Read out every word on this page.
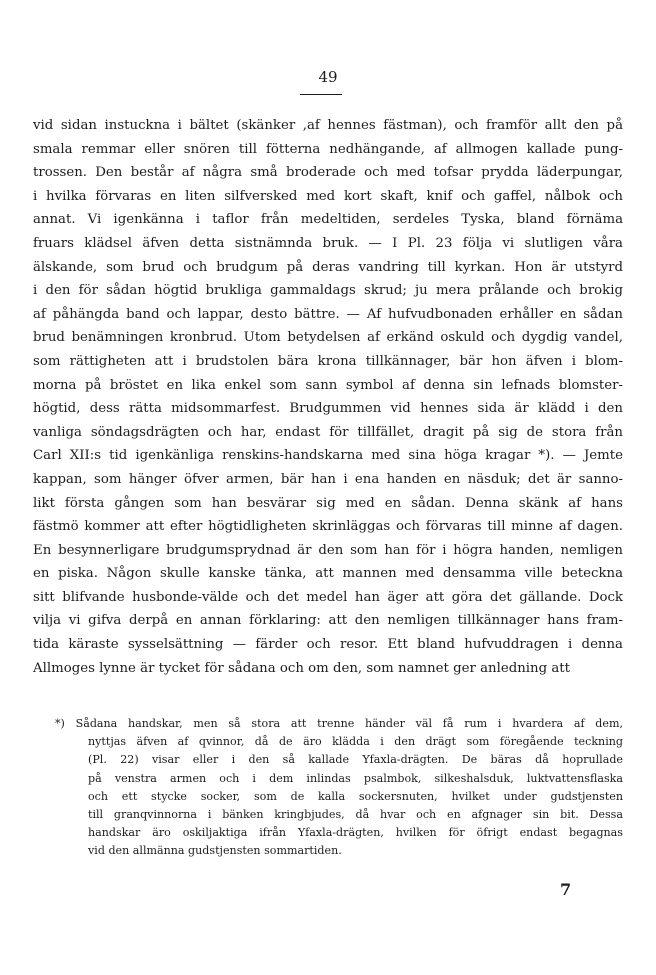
49
vid sidan instuckna i bältet (skänker ,af hennes fästman), och framför allt den på
smala remmar eller snören till fötterna nedhängande, af allmogen kallade pung-
trossen. Den består af några små broderade och med tofsar prydda läderpungar,
i hvilka förvaras en liten silfversked med kort skaft, knif och gaffel, nålbok och
annat. Vi igenkänna i taflor från medeltiden, serdeles Tyska, bland förnäma
fruars klädsel äfven detta sistnämnda bruk. — I Pl. 23 följa vi slutligen våra
älskande, som brud och brudgum på deras vandring till kyrkan. Hon är utstyrd
i den för sådan högtid brukliga gammaldags skrud; ju mera prålande och brokig
af påhängda band och lappar, desto bättre. — Af hufvudbonaden erhåller en sådan
brud benämningen kronbrud. Utom betydelsen af erkänd oskuld och dygdig vandel,
som rättigheten att i brudstolen bära krona tillkännager, bär hon äfven i blom-
morna på bröstet en lika enkel som sann symbol af denna sin lefnads blomster-
högtid, dess rätta midsommarfest. Brudgummen vid hennes sida är klädd i den
vanliga söndagsdrägten och har, endast för tillfället, dragit på sig de stora från
Carl XII:s tid igenkänliga renskins-handskarna med sina höga kragar *). — Jemte
kappan, som hänger öfver armen, bär han i ena handen en näsduk; det är sanno-
likt första gången som han besvärar sig med en sådan. Denna skänk af hans
fästmö kommer att efter högtidligheten skrinläggas och förvaras till minne af dagen.
En besynnerligare brudgumsprydnad är den som han för i högra handen, nemligen
en piska. Någon skulle kanske tänka, att mannen med densamma ville beteckna
sitt blifvande husbonde-välde och det medel han äger att göra det gällande. Dock
vilja vi gifva derpå en annan förklaring: att den nemligen tillkännager hans fram-
tida käraste sysselsättning — färder och resor. Ett bland hufvuddragen i denna
Allmoges lynne är tycket för sådana och om den, som namnet ger anledning att
*) Sådana handskar, men så stora att trenne händer väl få rum i hvardera af dem,
nyttjas äfven af qvinnor, då de äro klädda i den drägt som föregående teckning
(Pl. 22) visar eller i den så kallade Yfaxla-drägten. De bäras då hoprullade
på venstra armen och i dem inlindas psalmbok, silkeshalsduk, luktvattensflaska
och ett stycke socker, som de kalla sockersnuten, hvilket under gudstjensten
till granqvinnorna i bänken kringbjudes, då hvar och en afgnager sin bit. Dessa
handskar äro oskiljaktiga ifrån Yfaxla-drägten, hvilken för öfrigt endast begagnas
vid den allmänna gudstjensten sommartiden.
7
